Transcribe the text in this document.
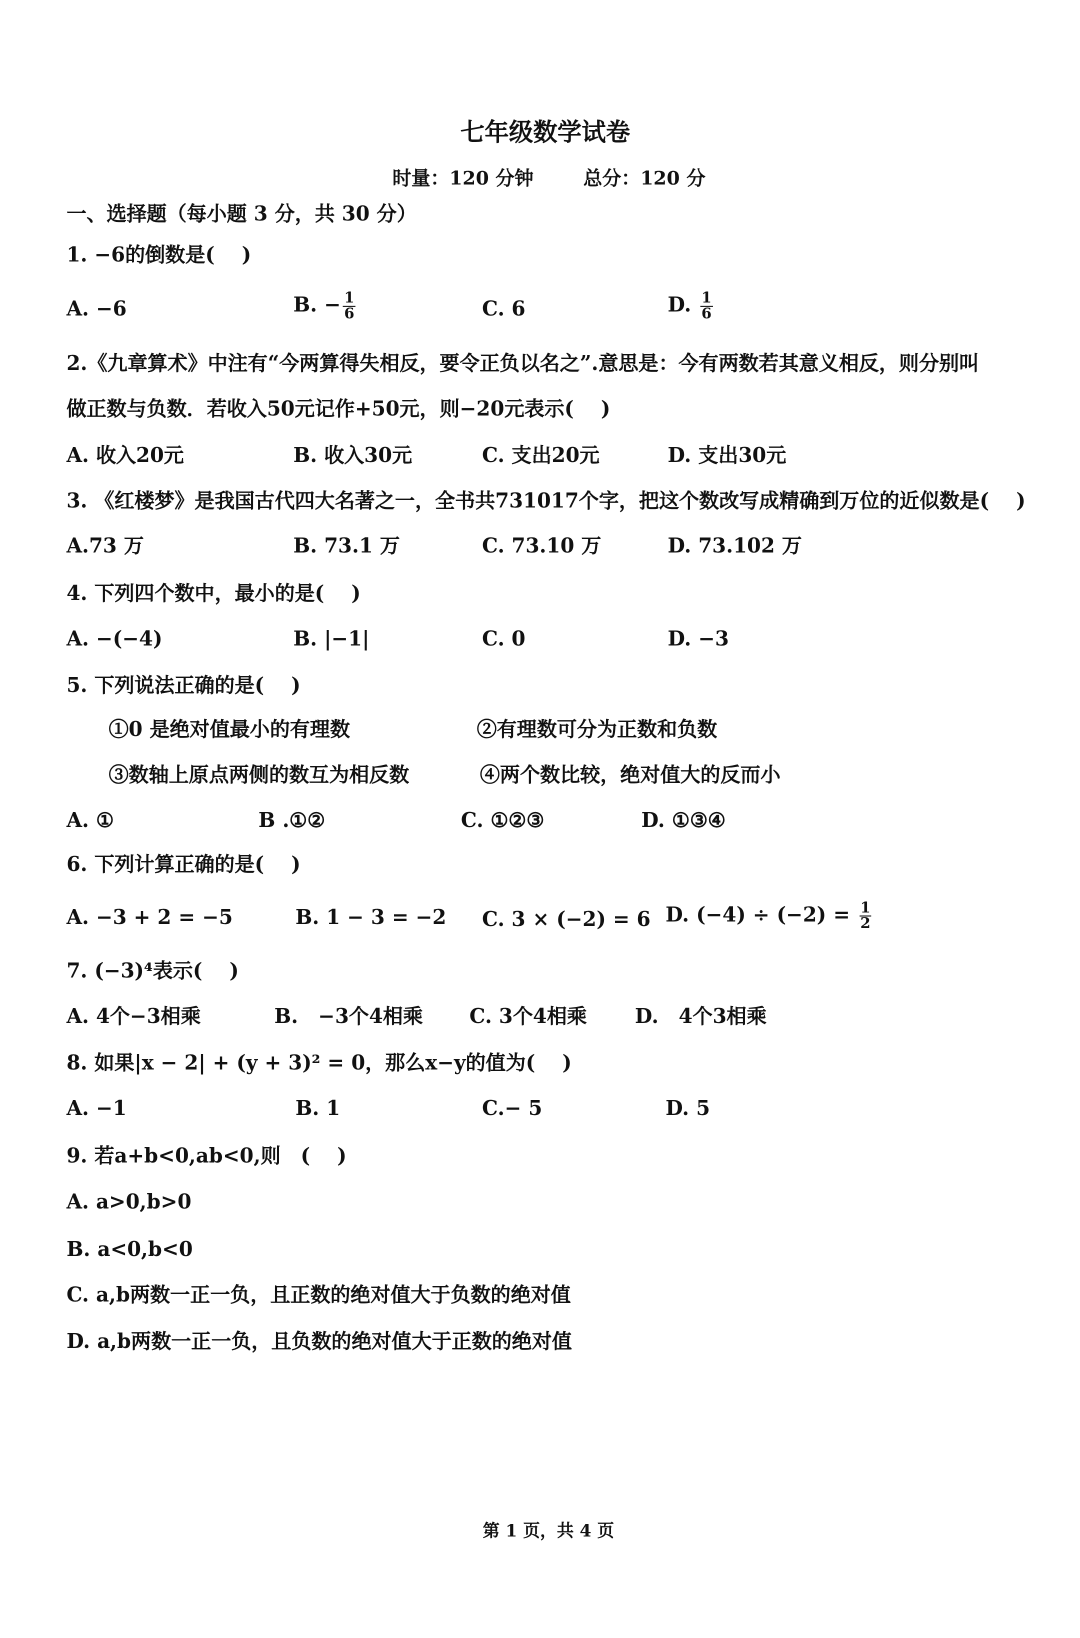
七年级数学试卷
时量：120 分钟	总分：120 分
一、选择题（每小题 3 分，共 30 分）
1. −6的倒数是(　 )
A. −6	B. − $\frac{1}{6}$	C. 6	D. $\frac{1}{6}$
2.《九章算术》中注有“今两算得失相反，要令正负以名之”.意思是：今有两数若其意义相反，则分别叫
做正数与负数．若收入50元记作+50元，则−20元表示(　 )
A. 收入20元	B. 收入30元	C. 支出20元	D. 支出30元
3. 《红楼梦》是我国古代四大名著之一，全书共731017个字，把这个数改写成精确到万位的近似数是(　 )
A.73 万	B. 73.1 万	C. 73.10 万	D. 73.102 万
4. 下列四个数中，最小的是(　 )
A. −(−4)	B. |−1|	C. 0	D. −3
5. 下列说法正确的是(　 )
①0 是绝对值最小的有理数	②有理数可分为正数和负数
③数轴上原点两侧的数互为相反数	④两个数比较，绝对值大的反而小
A. ①	B .①②	C. ①②③	D. ①③④
6. 下列计算正确的是(　 )
A. −3 + 2 = −5	B. 1 − 3 = −2 C. 3 × (−2) = 6 D. $(-4) \div (-2) = \frac{1}{2}$
7. (−3)⁴表示(　 )
A. 4个−3相乘	B.　−3个4相乘 C. 3个4相乘	D.　4个3相乘
8. 如果|x − 2| + (y + 3)² = 0，那么x−y的值为(　 )
A. −1	B. 1	C.− 5	D. 5
9. 若a+b<0,ab<0,则　(　 )
A. a>0,b>0
B. a<0,b<0
C. a,b两数一正一负，且正数的绝对值大于负数的绝对值
D. a,b两数一正一负，且负数的绝对值大于正数的绝对值
第 1 页，共 4 页
